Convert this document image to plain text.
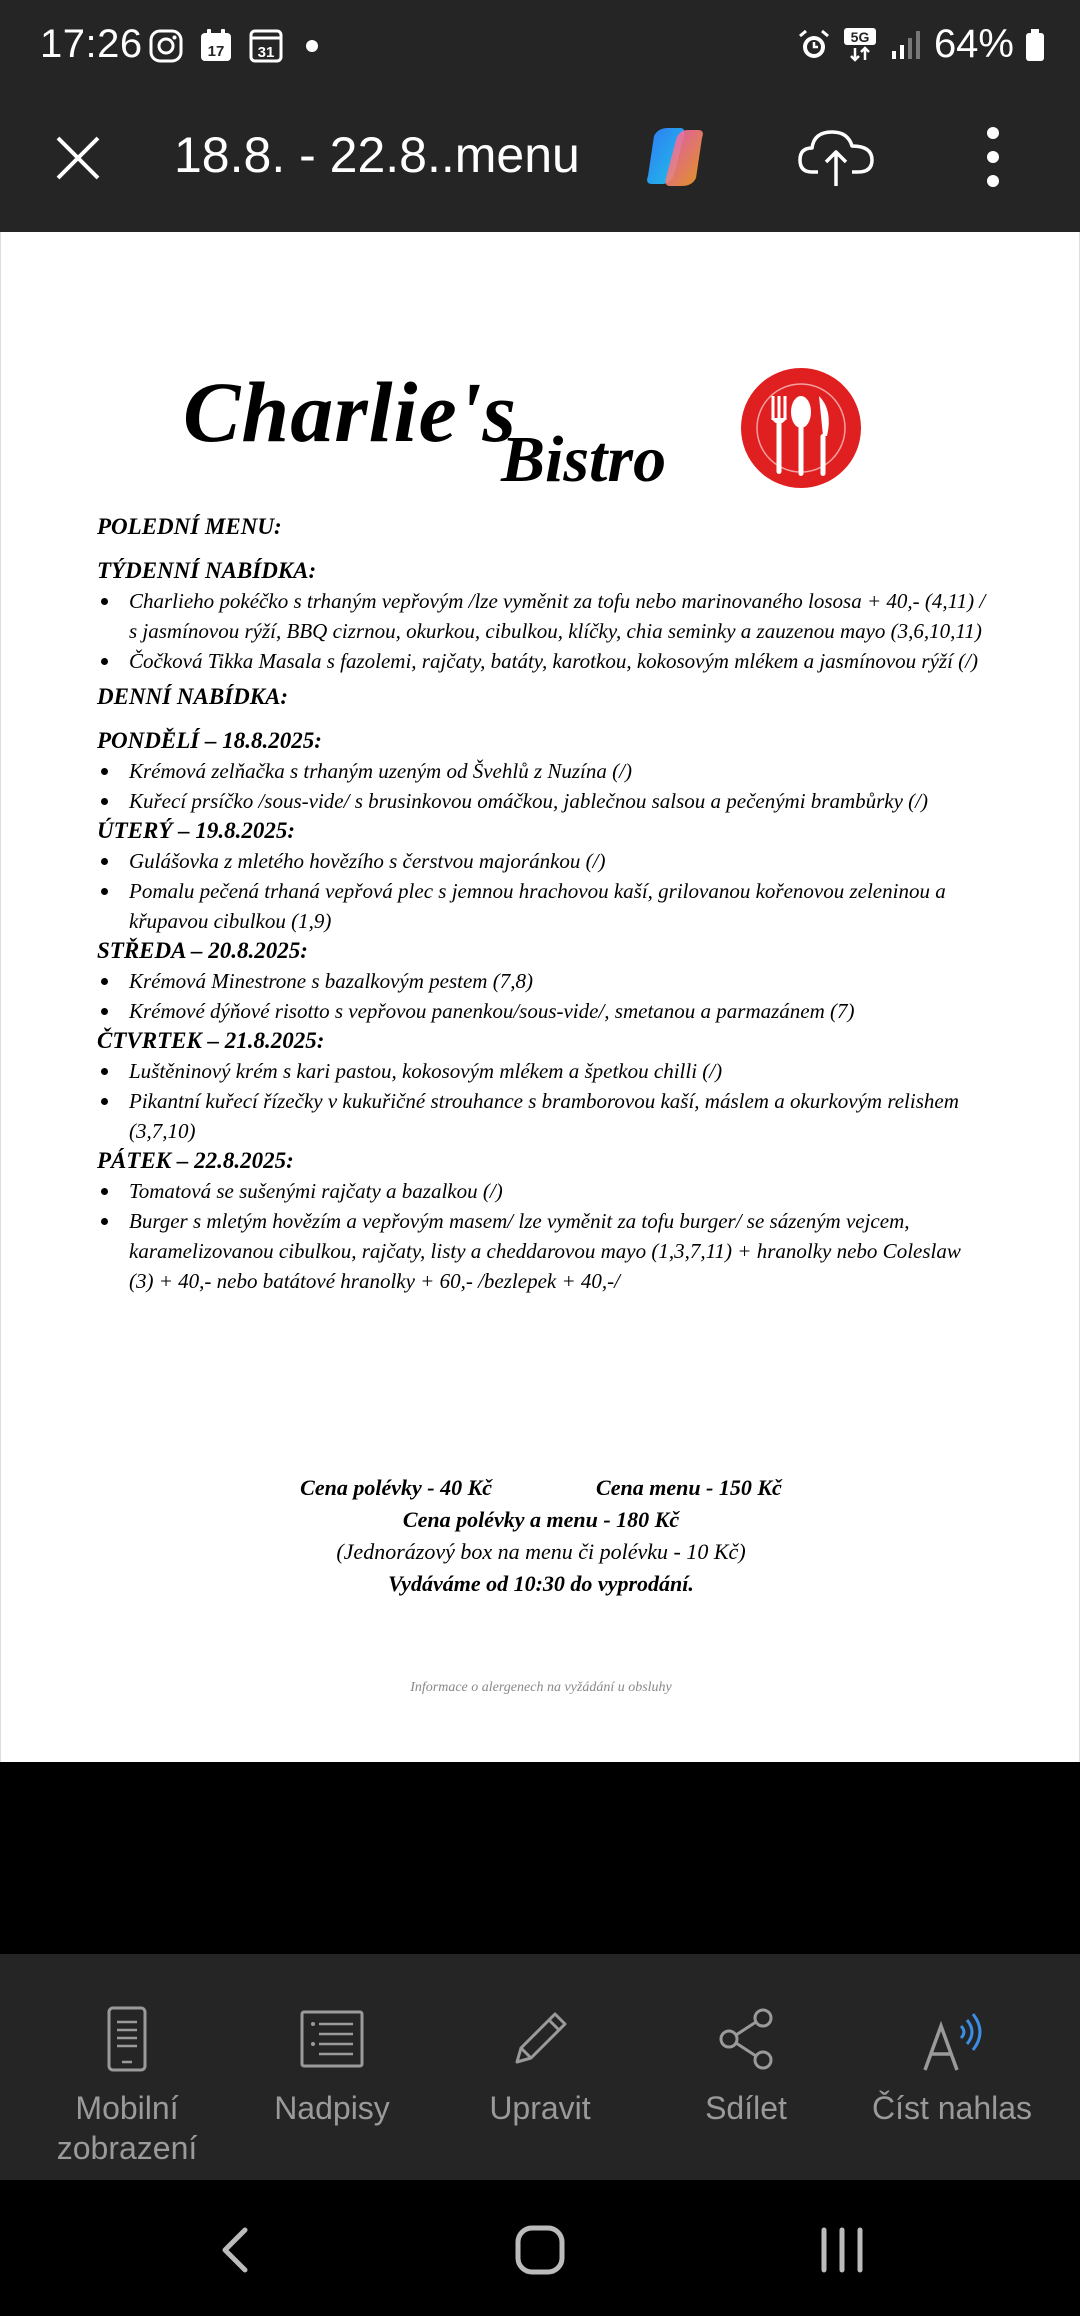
17:26	17 31
5G 64%
18.8. - 22.8..menu
Charlie's
Bistro
POLEDNÍ MENU:
TÝDENNÍ NABÍDKA:
Charlieho pokéčko s trhaným vepřovým /lze vyměnit za tofu nebo marinovaného lososa + 40,- (4,11) / s jasmínovou rýží, BBQ cizrnou, okurkou, cibulkou, klíčky, chia seminky a zauzenou mayo (3,6,10,11)
Čočková Tikka Masala s fazolemi, rajčaty, batáty, karotkou, kokosovým mlékem a jasmínovou rýží (/)
DENNÍ NABÍDKA:
PONDĚLÍ – 18.8.2025:
Krémová zelňačka s trhaným uzeným od Švehlů z Nuzína (/)
Kuřecí prsíčko /sous-vide/ s brusinkovou omáčkou, jablečnou salsou a pečenými brambůrky (/)
ÚTERÝ – 19.8.2025:
Gulášovka z mletého hovězího s čerstvou majoránkou (/)
Pomalu pečená trhaná vepřová plec s jemnou hrachovou kaší, grilovanou kořenovou zeleninou a křupavou cibulkou (1,9)
STŘEDA – 20.8.2025:
Krémová Minestrone s bazalkovým pestem (7,8)
Krémové dýňové risotto s vepřovou panenkou/sous-vide/, smetanou a parmazánem (7)
ČTVRTEK – 21.8.2025:
Luštěninový krém s kari pastou, kokosovým mlékem a špetkou chilli (/)
Pikantní kuřecí řízečky v kukuřičné strouhance s bramborovou kaší, máslem a okurkovým relishem (3,7,10)
PÁTEK – 22.8.2025:
Tomatová se sušenými rajčaty a bazalkou (/)
Burger s mletým hovězím a vepřovým masem/ lze vyměnit za tofu burger/ se sázeným vejcem, karamelizovanou cibulkou, rajčaty, listy a cheddarovou mayo (1,3,7,11) + hranolky nebo Coleslaw (3) + 40,- nebo batátové hranolky + 60,- /bezlepek + 40,-/
Cena polévky - 40 Kč	Cena menu - 150 Kč
Cena polévky a menu - 180 Kč
(Jednorázový box na menu či polévku - 10 Kč)
Vydáváme od 10:30 do vyprodání.
Informace o alergenech na vyžádání u obsluhy
Mobilní zobrazení
Nadpisy	Upravit	Sdílet	Číst nahlas
